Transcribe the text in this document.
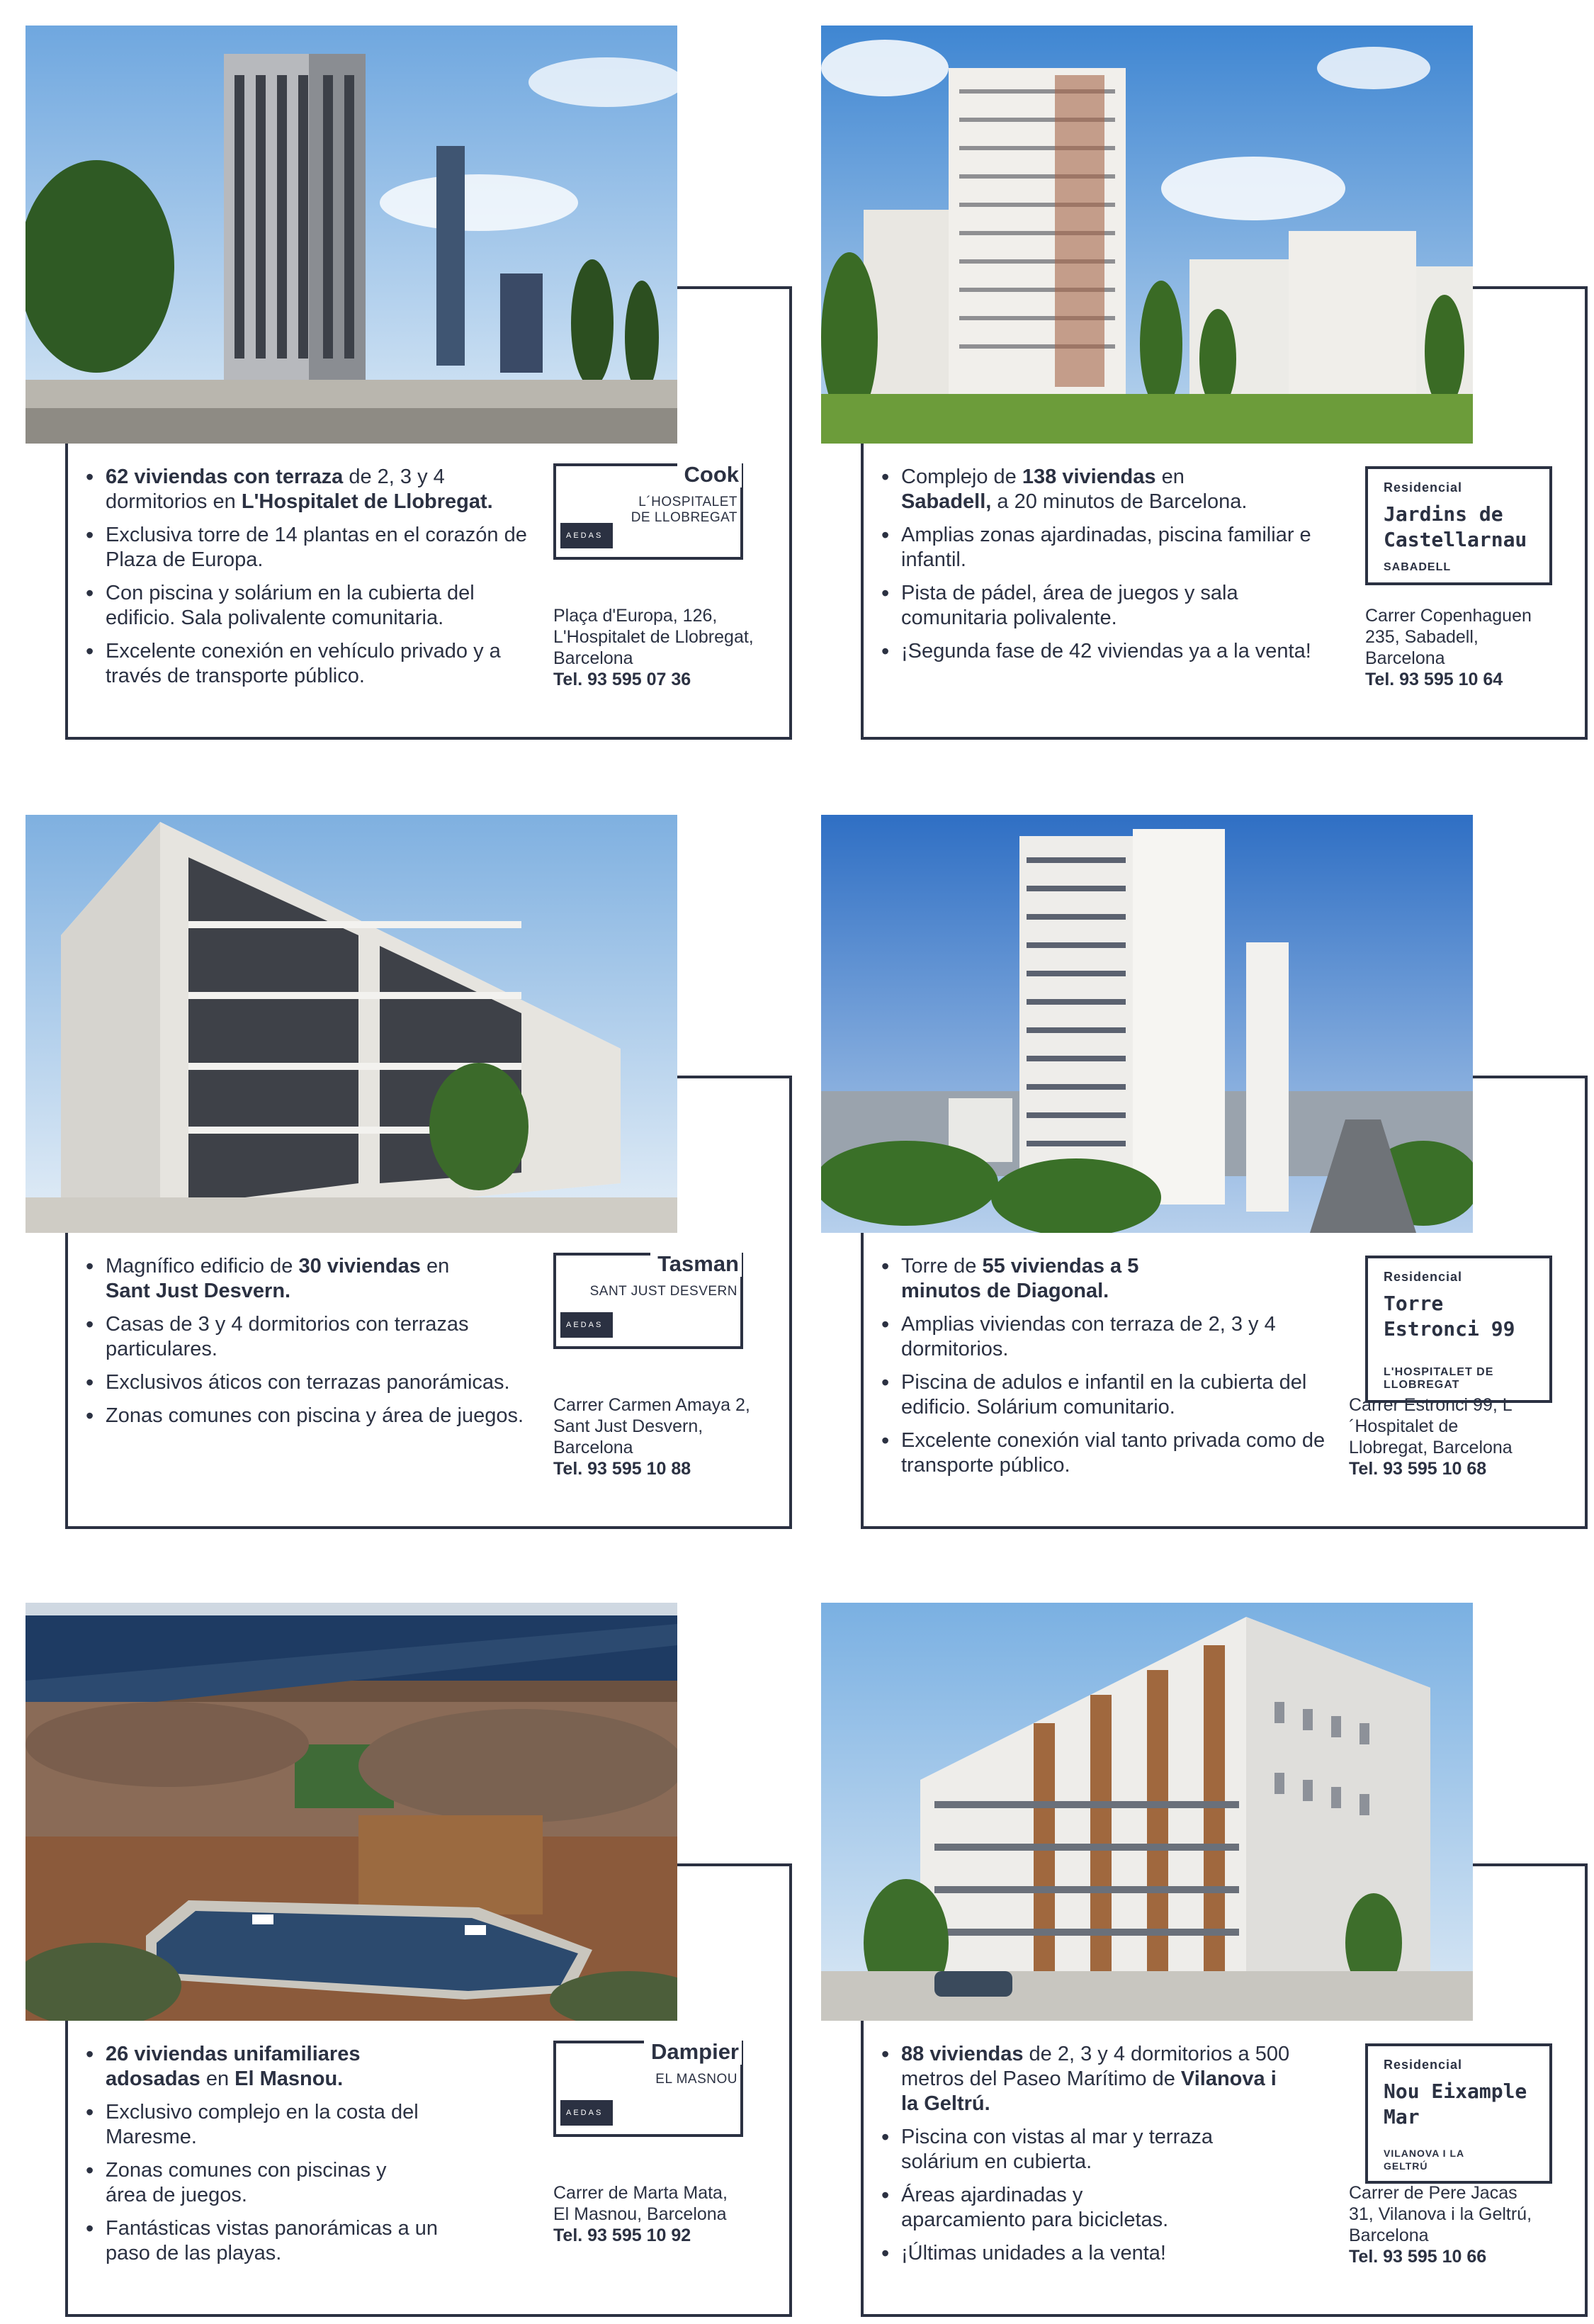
• 62 viviendas con terraza de 2, 3 y 4 dormitorios en L'Hospitalet de Llobregat.
• Exclusiva torre de 14 plantas en el corazón de Plaza de Europa.
• Con piscina y solárium en la cubierta del edificio. Sala polivalente comunitaria.
• Excelente conexión en vehículo privado y a través de transporte público.
Cook
L´HOSPITALET DE LLOBREGAT
AEDAS
Plaça d'Europa, 126, L'Hospitalet de Llobregat, Barcelona
Tel. 93 595 07 36
• Complejo de 138 viviendas en
Sabadell, a 20 minutos de Barcelona.
• Amplias zonas ajardinadas, piscina familiar e infantil.
• Pista de pádel, área de juegos y sala comunitaria polivalente.
• ¡Segunda fase de 42 viviendas ya a la venta!
Residencial
Jardins de Castellarnau
SABADELL
Carrer Copenhaguen 235, Sabadell, Barcelona
Tel. 93 595 10 64
• Magnífico edificio de 30 viviendas en
Sant Just Desvern.
• Casas de 3 y 4 dormitorios con terrazas particulares.
• Exclusivos áticos con terrazas panorámicas.
• Zonas comunes con piscina y área de juegos.
Tasman
SANT JUST DESVERN
AEDAS
Carrer Carmen Amaya 2, Sant Just Desvern, Barcelona
Tel. 93 595 10 88
• Torre de 55 viviendas a 5 minutos de Diagonal.
• Amplias viviendas con terraza de 2, 3 y 4 dormitorios.
• Piscina de adulos e infantil en la cubierta del edificio. Solárium comunitario.
• Excelente conexión vial tanto privada como de transporte público.
Residencial
Torre Estronci 99
L'HOSPITALET DE LLOBREGAT
Carrer Estronci 99, L´Hospitalet de Llobregat, Barcelona
Tel. 93 595 10 68
• 26 viviendas unifamiliares adosadas en El Masnou.
• Exclusivo complejo en la costa del Maresme.
• Zonas comunes con piscinas y área de juegos.
• Fantásticas vistas panorámicas a un paso de las playas.
Dampier
EL MASNOU
AEDAS
Carrer de Marta Mata, El Masnou, Barcelona
Tel. 93 595 10 92
• 88 viviendas de 2, 3 y 4 dormitorios a 500 metros del Paseo Marítimo de Vilanova i la Geltrú.
• Piscina con vistas al mar y terraza solárium en cubierta.
• Áreas ajardinadas y aparcamiento para bicicletas.
• ¡Últimas unidades a la venta!
Residencial
Nou Eixample Mar
VILANOVA I LA GELTRÚ
Carrer de Pere Jacas 31, Vilanova i la Geltrú, Barcelona
Tel. 93 595 10 66
